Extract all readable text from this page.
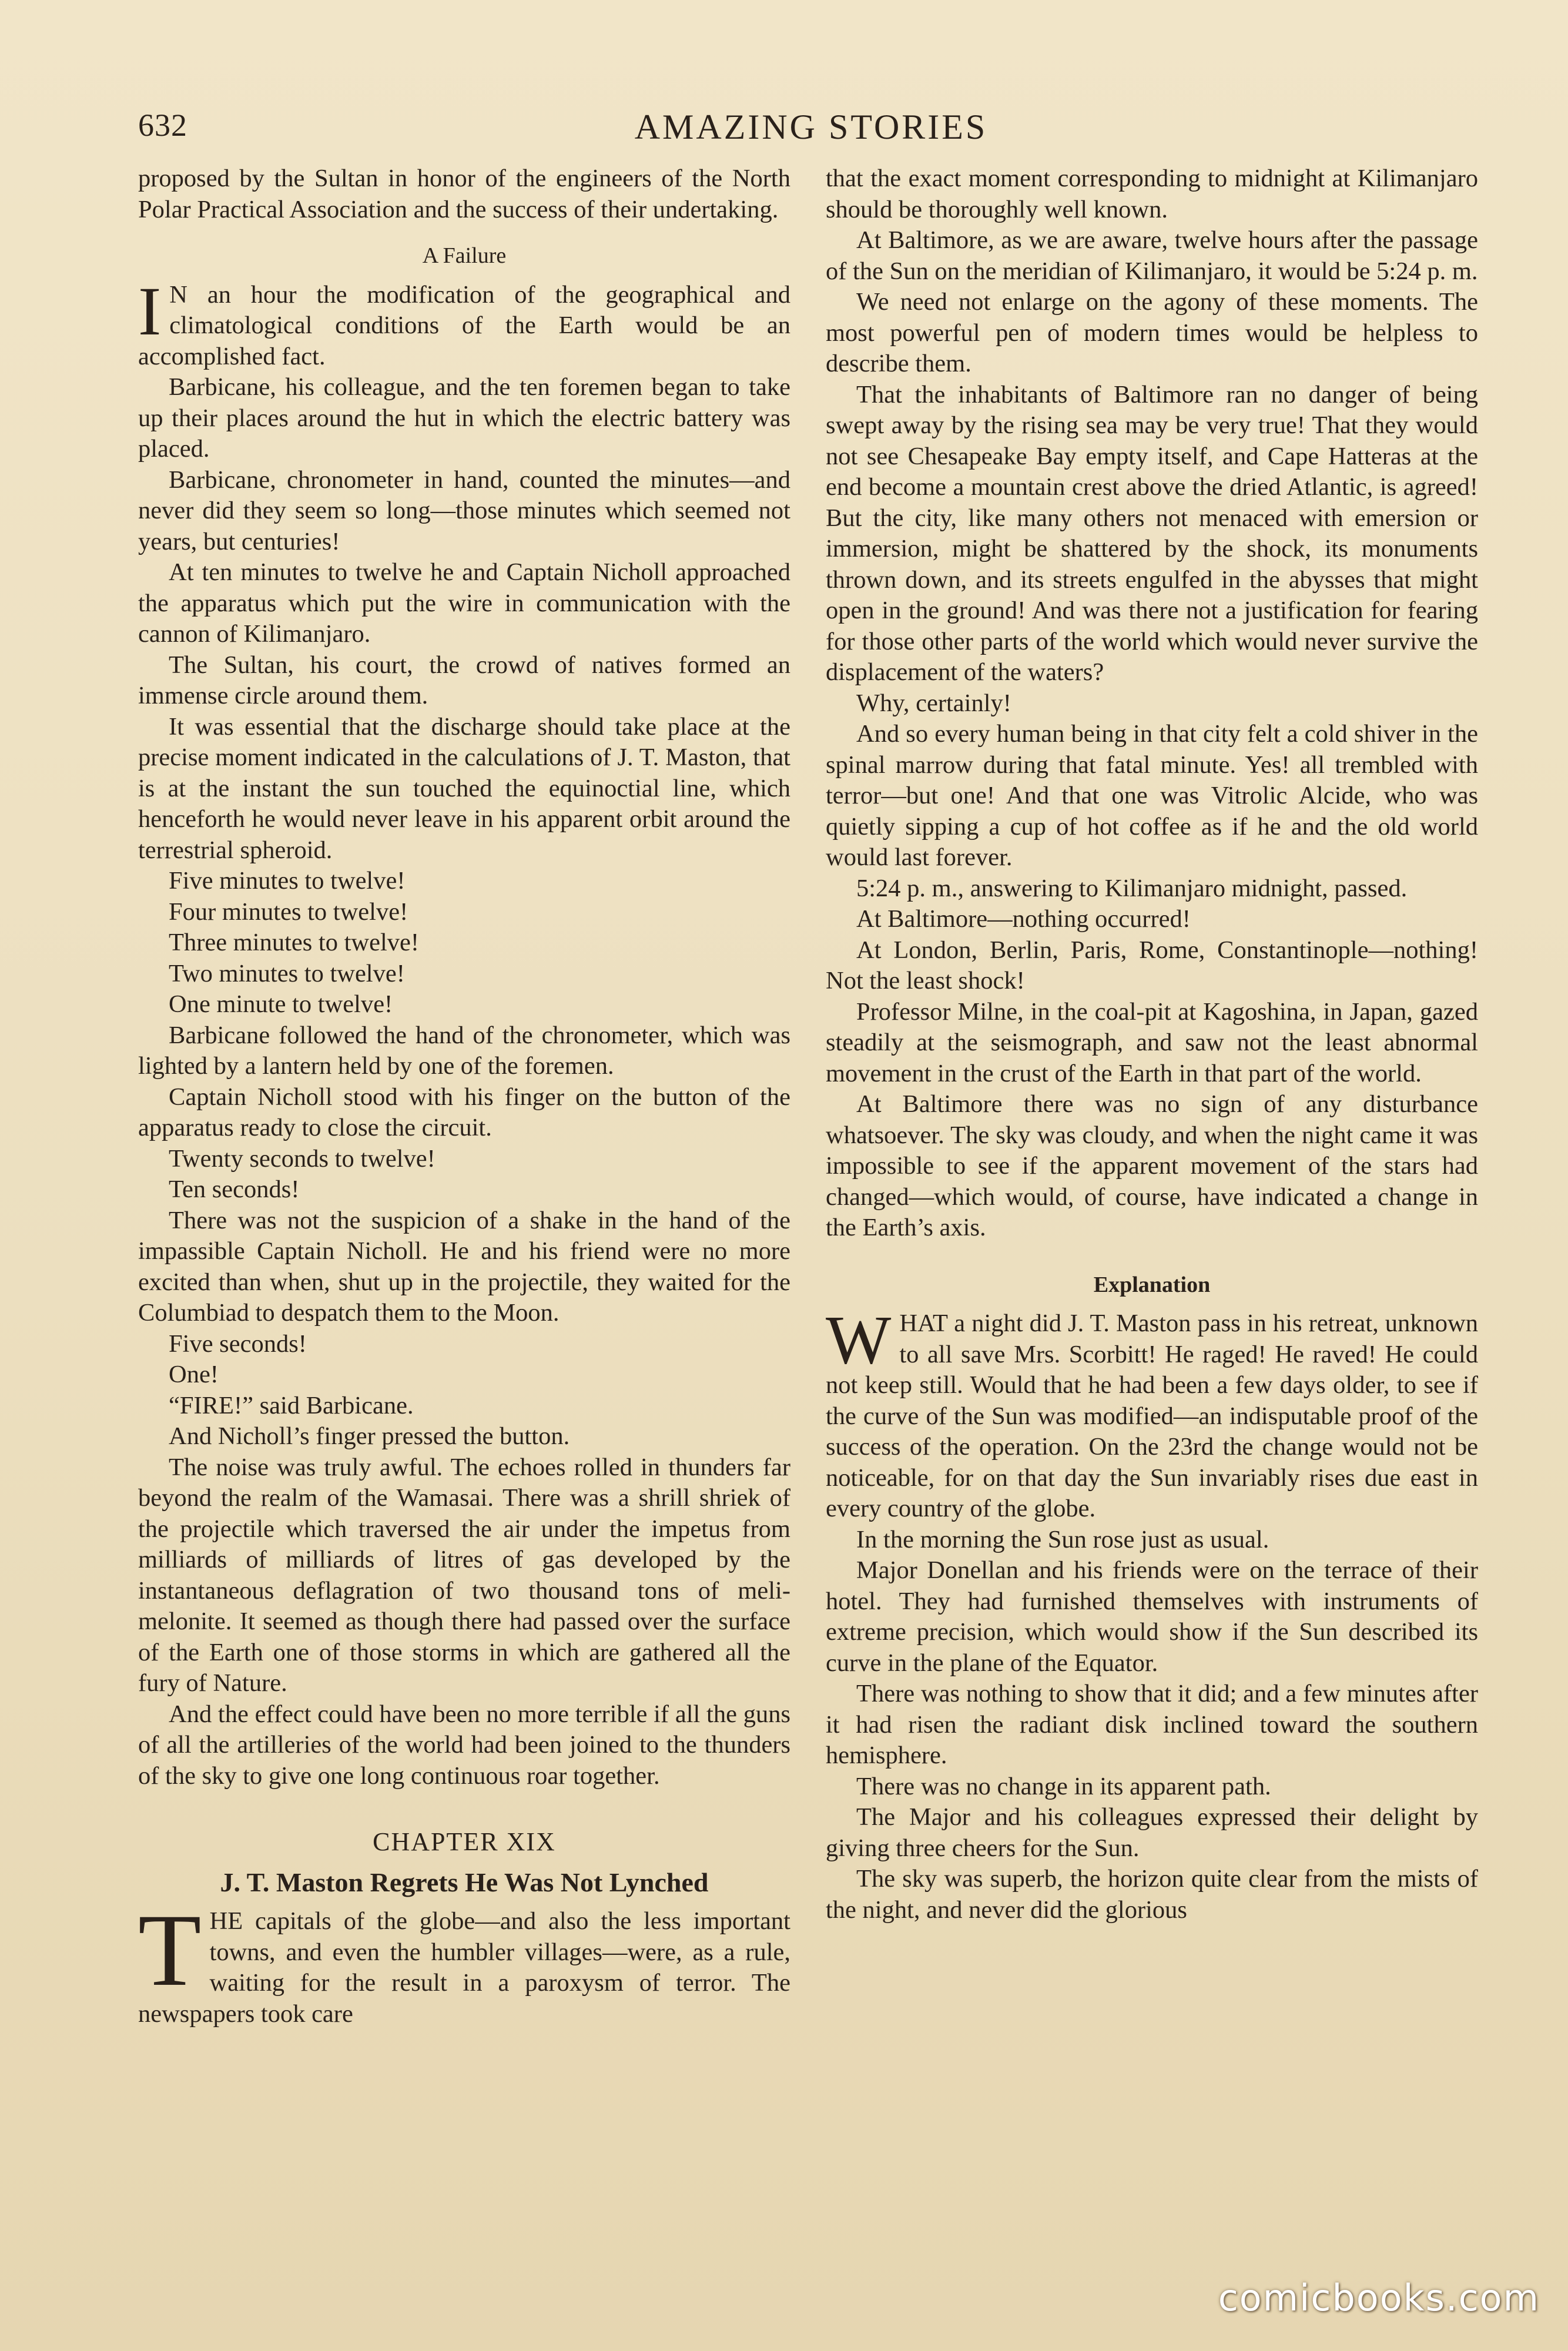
632	AMAZING STORIES

proposed by the Sultan in honor of the engineers of the North Polar Practical Association and the success of their undertaking.

A Failure

I N an hour the modification of the geographical and climatological conditions of the Earth would be an accomplished fact.

Barbicane, his colleague, and the ten foremen began to take up their places around the hut in which the electric battery was placed.

Barbicane, chronometer in hand, counted the minutes—and never did they seem so long—those minutes which seemed not years, but centuries!

At ten minutes to twelve he and Captain Nicholl approached the apparatus which put the wire in communication with the cannon of Kilimanjaro.

The Sultan, his court, the crowd of natives formed an immense circle around them.

It was essential that the discharge should take place at the precise moment indicated in the calculations of J. T. Maston, that is at the instant the sun touched the equinoctial line, which henceforth he would never leave in his apparent orbit around the terrestrial spheroid.

Five minutes to twelve!

Four minutes to twelve!

Three minutes to twelve!

Two minutes to twelve!

One minute to twelve!

Barbicane followed the hand of the chronometer, which was lighted by a lantern held by one of the foremen.

Captain Nicholl stood with his finger on the button of the apparatus ready to close the circuit.

Twenty seconds to twelve!

Ten seconds!

There was not the suspicion of a shake in the hand of the impassible Captain Nicholl. He and his friend were no more excited than when, shut up in the projectile, they waited for the Columbiad to despatch them to the Moon.

Five seconds!

One!

“FIRE!” said Barbicane.

And Nicholl’s finger pressed the button.

The noise was truly awful. The echoes rolled in thunders far beyond the realm of the Wamasai. There was a shrill shriek of the projectile which traversed the air under the impetus from milliards of milliards of litres of gas developed by the instantaneous deflagration of two thousand tons of meli-melonite. It seemed as though there had passed over the surface of the Earth one of those storms in which are gathered all the fury of Nature.

And the effect could have been no more terrible if all the guns of all the artilleries of the world had been joined to the thunders of the sky to give one long continuous roar together.

CHAPTER XIX
J. T. Maston Regrets He Was Not Lynched

THE capitals of the globe—and also the less important towns, and even the humbler villages—were, as a rule, waiting for the result in a paroxysm of terror. The newspapers took care

that the exact moment corresponding to midnight at Kilimanjaro should be thoroughly well known.

At Baltimore, as we are aware, twelve hours after the passage of the Sun on the meridian of Kilimanjaro, it would be 5:24 p. m.

We need not enlarge on the agony of these moments. The most powerful pen of modern times would be helpless to describe them.

That the inhabitants of Baltimore ran no danger of being swept away by the rising sea may be very true! That they would not see Chesapeake Bay empty itself, and Cape Hatteras at the end become a mountain crest above the dried Atlantic, is agreed! But the city, like many others not menaced with emersion or immersion, might be shattered by the shock, its monuments thrown down, and its streets engulfed in the abysses that might open in the ground! And was there not a justification for fearing for those other parts of the world which would never survive the displacement of the waters?

Why, certainly!

And so every human being in that city felt a cold shiver in the spinal marrow during that fatal minute. Yes! all trembled with terror—but one! And that one was Vitrolic Alcide, who was quietly sipping a cup of hot coffee as if he and the old world would last forever.

5:24 p. m., answering to Kilimanjaro midnight, passed.

At Baltimore—nothing occurred!

At London, Berlin, Paris, Rome, Constantinople—nothing! Not the least shock!

Professor Milne, in the coal-pit at Kagoshina, in Japan, gazed steadily at the seismograph, and saw not the least abnormal movement in the crust of the Earth in that part of the world.

At Baltimore there was no sign of any disturbance whatsoever. The sky was cloudy, and when the night came it was impossible to see if the apparent movement of the stars had changed—which would, of course, have indicated a change in the Earth’s axis.

Explanation

WHAT a night did J. T. Maston pass in his retreat, unknown to all save Mrs. Scorbitt! He raged! He raved! He could not keep still. Would that he had been a few days older, to see if the curve of the Sun was modified—an indisputable proof of the success of the operation. On the 23rd the change would not be noticeable, for on that day the Sun invariably rises due east in every country of the globe.

In the morning the Sun rose just as usual.

Major Donellan and his friends were on the terrace of their hotel. They had furnished themselves with instruments of extreme precision, which would show if the Sun described its curve in the plane of the Equator.

There was nothing to show that it did; and a few minutes after it had risen the radiant disk inclined toward the southern hemisphere.

There was no change in its apparent path.

The Major and his colleagues expressed their delight by giving three cheers for the Sun.

The sky was superb, the horizon quite clear from the mists of the night, and never did the glorious

comicbooks.com
